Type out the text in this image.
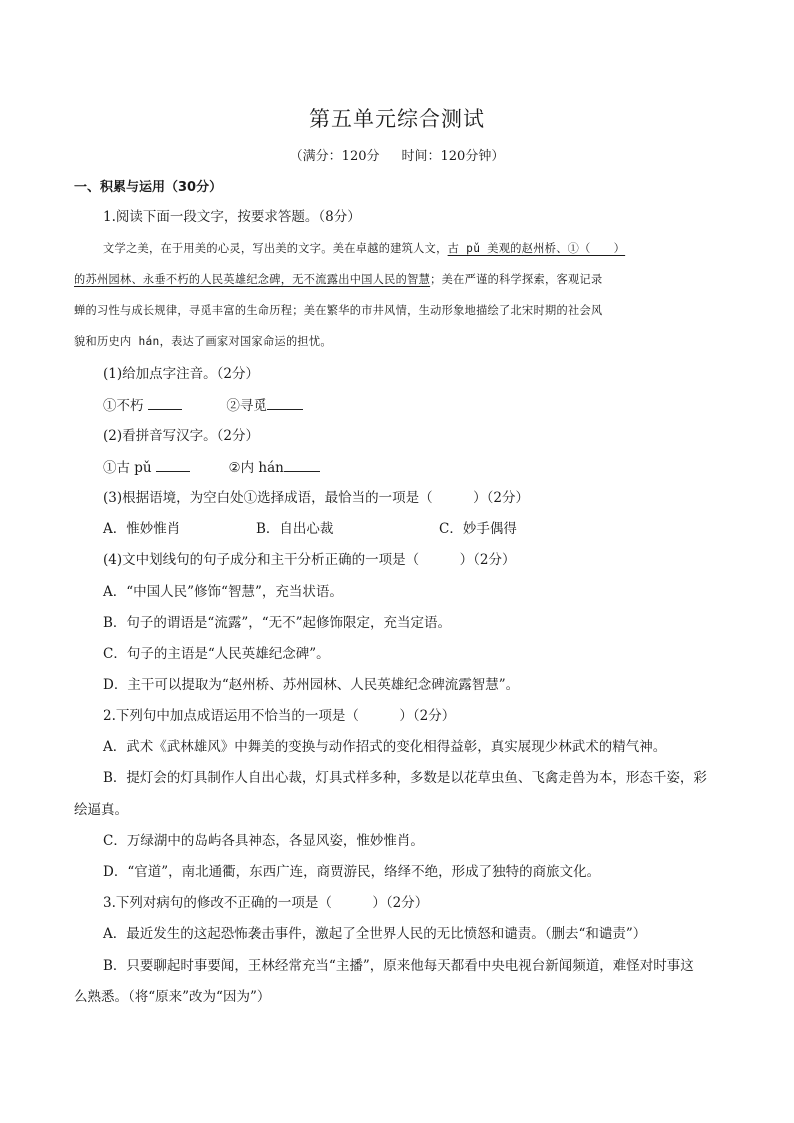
第五单元综合测试
（满分：120分 时间：120分钟）
一、积累与运用（30分）
1.阅读下面一段文字，按要求答题。（8分）
文学之美，在于用美的心灵，写出美的文字。美在卓越的建筑人文，古 pǔ 美观的赵州桥、①（　　）
的苏州园林、永垂不朽的人民英雄纪念碑，无不流露出中国人民的智慧；美在严谨的科学探索，客观记录
蝉的习性与成长规律，寻觅丰富的生命历程；美在繁华的市井风情，生动形象地描绘了北宋时期的社会风
貌和历史内 hán，表达了画家对国家命运的担忧。
(1)给加点字注音。（2分）
①不朽	②寻觅
(2)看拼音写汉字。（2分）
①古 pǔ	②内 hán
(3)根据语境，为空白处①选择成语，最恰当的一项是（　　　）（2分）
A．惟妙惟肖	B．自出心裁	C．妙手偶得
(4)文中划线句的句子成分和主干分析正确的一项是（　　　）（2分）
A．“中国人民”修饰“智慧”，充当状语。
B．句子的谓语是“流露”，“无不”起修饰限定，充当定语。
C．句子的主语是“人民英雄纪念碑”。
D．主干可以提取为“赵州桥、苏州园林、人民英雄纪念碑流露智慧”。
2.下列句中加点成语运用不恰当的一项是（　　　）（2分）
A．武术《武林雄风》中舞美的变换与动作招式的变化相得益彰，真实展现少林武术的精气神。
B．提灯会的灯具制作人自出心裁，灯具式样多种，多数是以花草虫鱼、飞禽走兽为本，形态千姿，彩
绘逼真。
C．万绿湖中的岛屿各具神态，各显风姿，惟妙惟肖。
D．“官道”，南北通衢，东西广连，商贾游民，络绎不绝，形成了独特的商旅文化。
3.下列对病句的修改不正确的一项是（　　　）（2分）
A．最近发生的这起恐怖袭击事件，激起了全世界人民的无比愤怒和谴责。（删去“和谴责”）
B．只要聊起时事要闻，王林经常充当“主播”，原来他每天都看中央电视台新闻频道，难怪对时事这
么熟悉。（将“原来”改为“因为”）
